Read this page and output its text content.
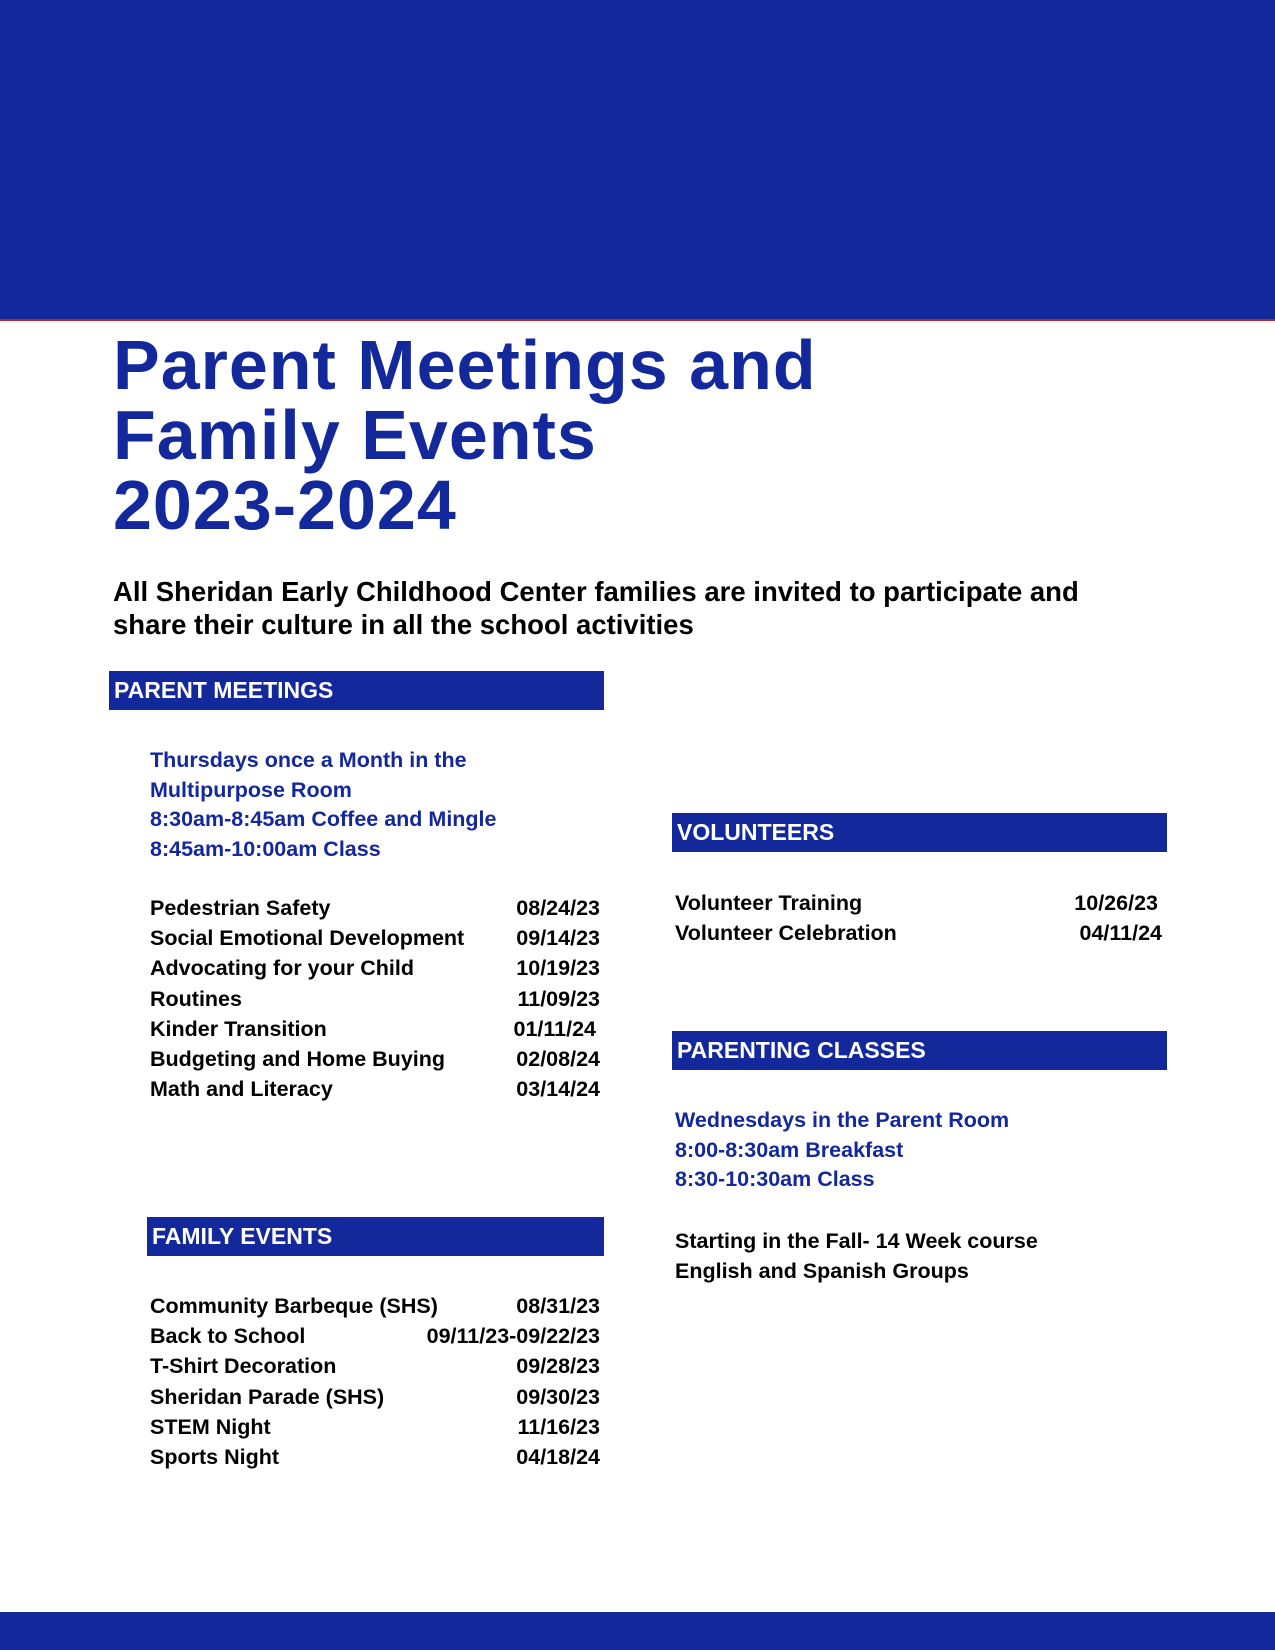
Parent Meetings and
Family Events
2023-2024
All Sheridan Early Childhood Center families are invited to participate and
share their culture in all the school activities
PARENT MEETINGS
Thursdays once a Month in the
Multipurpose Room
8:30am-8:45am Coffee and Mingle
8:45am-10:00am Class
Pedestrian Safety	08/24/23
Social Emotional Development 09/14/23
Advocating for your Child	10/19/23
Routines	11/09/23
Kinder Transition	01/11/24
Budgeting and Home Buying	02/08/24
Math and Literacy	03/14/24
FAMILY EVENTS
Community Barbeque (SHS)	08/31/23
Back to School	09/11/23-09/22/23
T-Shirt Decoration	09/28/23
Sheridan Parade (SHS)	09/30/23
STEM Night	11/16/23
Sports Night	04/18/24
VOLUNTEERS
Volunteer Training	10/26/23
Volunteer Celebration	04/11/24
PARENTING CLASSES
Wednesdays in the Parent Room
8:00-8:30am Breakfast
8:30-10:30am Class
Starting in the Fall- 14 Week course
English and Spanish Groups
